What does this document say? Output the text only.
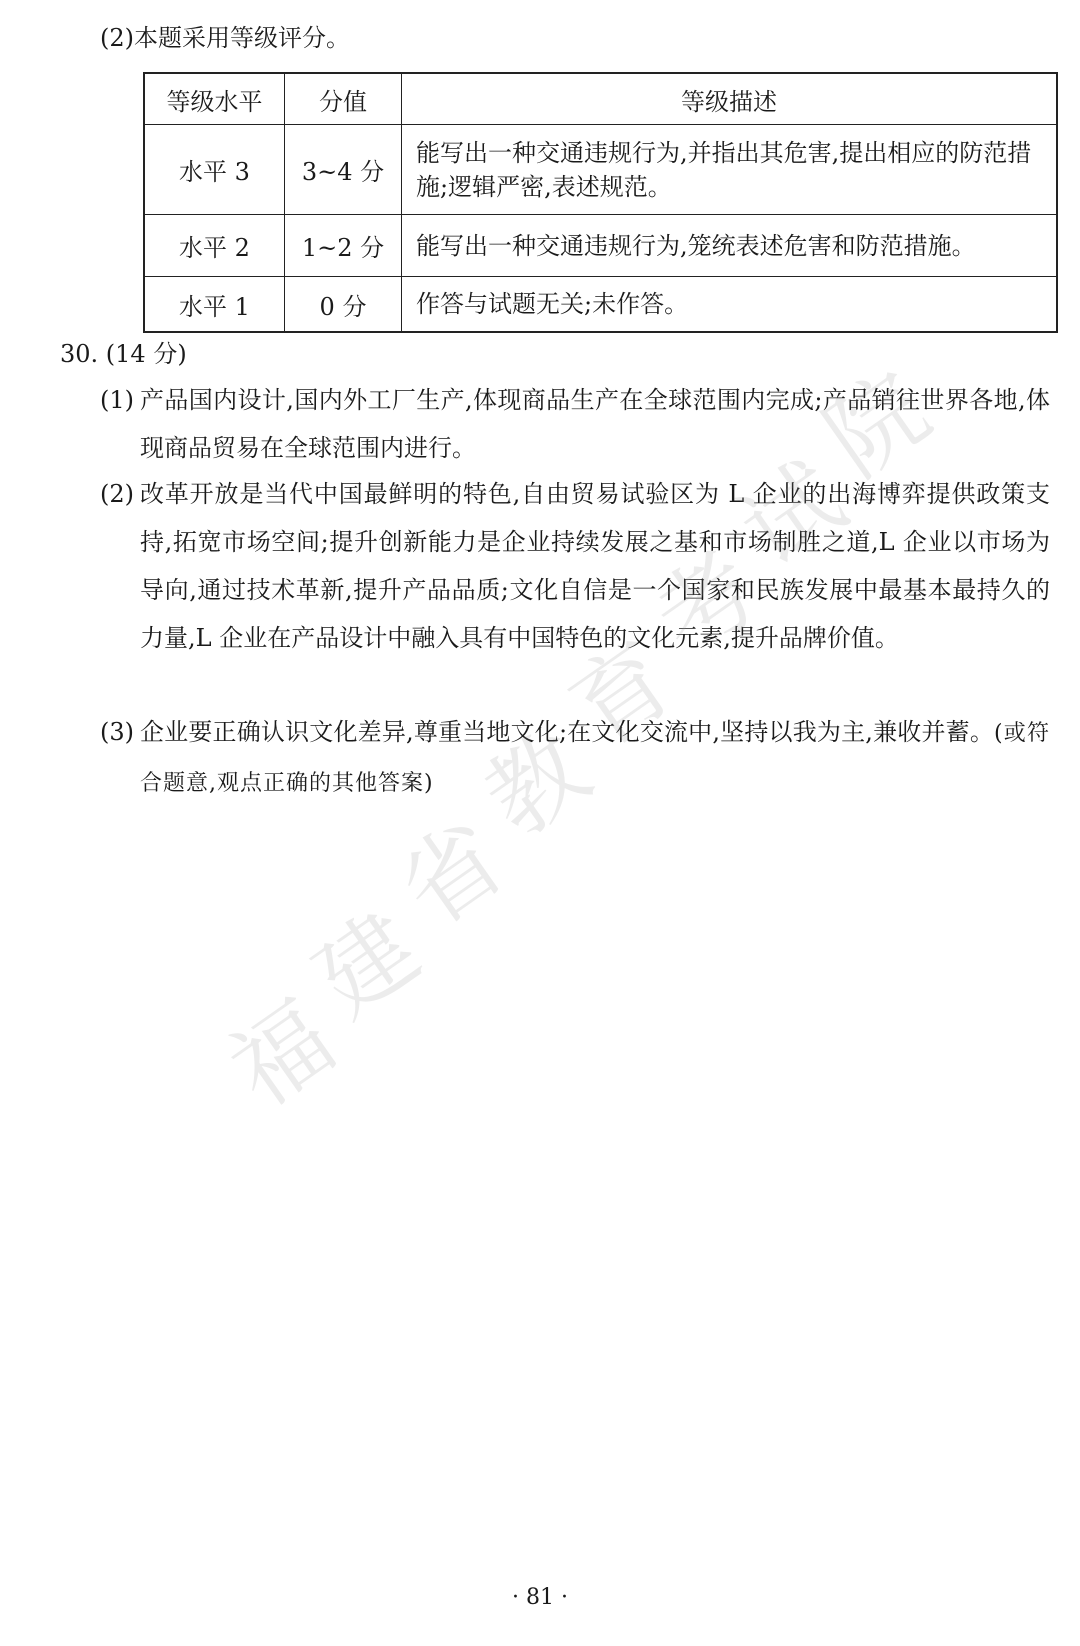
(2)本题采用等级评分。
等级水平	分值	等级描述
水平 3	3~4 分	能写出一种交通违规行为,并指出其危害,提出相应的防范措施;逻辑严密,表述规范。
水平 2	1~2 分	能写出一种交通违规行为,笼统表述危害和防范措施。
水平 1	0 分	作答与试题无关;未作答。
30. (14 分)
(1) 产品国内设计,国内外工厂生产,体现商品生产在全球范围内完成;产品销往世界各地,体现商品贸易在全球范围内进行。
(2) 改革开放是当代中国最鲜明的特色,自由贸易试验区为 L 企业的出海博弈提供政策支持,拓宽市场空间;提升创新能力是企业持续发展之基和市场制胜之道,L 企业以市场为导向,通过技术革新,提升产品品质;文化自信是一个国家和民族发展中最基本最持久的力量,L 企业在产品设计中融入具有中国特色的文化元素,提升品牌价值。
(3) 企业要正确认识文化差异,尊重当地文化;在文化交流中,坚持以我为主,兼收并蓄。(或符合题意,观点正确的其他答案)
福
建
省
教
育
考
试
院
· 81 ·
